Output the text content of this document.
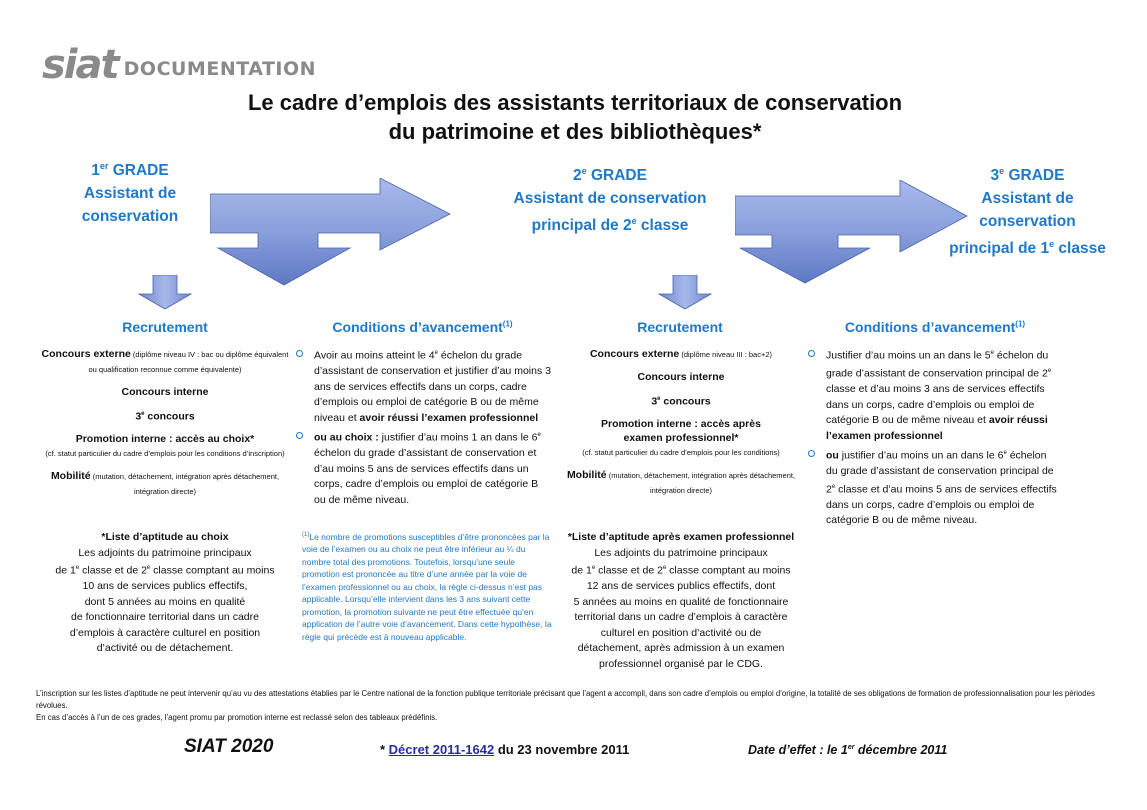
siat DOCUMENTATION
Le cadre d’emplois des assistants territoriaux de conservation
du patrimoine et des bibliothèques*
1er GRADE
Assistant de
conservation
2e GRADE
Assistant de conservation
principal de 2e classe
3e GRADE
Assistant de
conservation
principal de 1e classe
Recrutement

Concours externe (diplôme niveau IV : bac ou diplôme équivalent ou qualification reconnue comme équivalente)

Concours interne

3e concours

Promotion interne : accès au choix*
(cf. statut particulier du cadre d’emplois pour les conditions d’inscription)

Mobilité (mutation, détachement, intégration après détachement, intégration directe)

*Liste d’aptitude au choix
Les adjoints du patrimoine principaux
de 1e classe et de 2e classe comptant au moins
10 ans de services publics effectifs,
dont 5 années au moins en qualité
de fonctionnaire territorial dans un cadre
d’emplois à caractère culturel en position
d’activité ou de détachement.
Conditions d’avancement$^{(1)}$
Avoir au moins atteint le 4e échelon du grade d’assistant de conservation et justifier d’au moins 3 ans de services effectifs dans un corps, cadre d’emplois ou emploi de catégorie B ou de même niveau et avoir réussi l’examen professionnel
ou au choix : justifier d’au moins 1 an dans le 6e échelon du grade d’assistant de conservation et d’au moins 5 ans de services effectifs dans un corps, cadre d’emplois ou emploi de catégorie B ou de même niveau.
$^{(1)}$Le nombre de promotions susceptibles d’être prononcées par la voie de l’examen ou au choix ne peut être inférieur au ¼ du nombre total des promotions. Toutefois, lorsqu’une seule promotion est prononcée au titre d’une année par la voie de l’examen professionnel ou au choix, la règle ci-dessus n’est pas applicable. Lorsqu’elle intervient dans les 3 ans suivant cette promotion, la promotion suivante ne peut être effectuée qu’en application de l’autre voie d’avancement. Dans cette hypothèse, la règle qui précède est à nouveau applicable.
Recrutement

Concours externe (diplôme niveau III : bac+2)

Concours interne

3e concours

Promotion interne : accès après
examen professionnel*
(cf. statut particulier du cadre d’emplois pour les conditions)

Mobilité (mutation, détachement, intégration après détachement, intégration directe)

*Liste d’aptitude après examen professionnel
Les adjoints du patrimoine principaux
de 1e classe et de 2e classe comptant au moins
12 ans de services publics effectifs, dont
5 années au moins en qualité de fonctionnaire
territorial dans un cadre d’emplois à caractère
culturel en position d’activité ou de
détachement, après admission à un examen
professionnel organisé par le CDG.
Conditions d’avancement$^{(1)}$
Justifier d’au moins un an dans le 5e échelon du grade d’assistant de conservation principal de 2e classe et d’au moins 3 ans de services effectifs dans un corps, cadre d’emplois ou emploi de catégorie B ou de même niveau et avoir réussi l’examen professionnel
ou justifier d’au moins un an dans le 6e échelon du grade d’assistant de conservation principal de 2e classe et d’au moins 5 ans de services effectifs dans un corps, cadre d’emplois ou emploi de catégorie B ou de même niveau.
L’inscription sur les listes d’aptitude ne peut intervenir qu’au vu des attestations établies par le Centre national de la fonction publique territoriale précisant que l’agent a accompli, dans son cadre d’emplois ou emploi d’origine, la totalité de ses obligations de formation de professionnalisation pour les périodes révolues.
En cas d’accès à l’un de ces grades, l’agent promu par promotion interne est reclassé selon des tableaux prédéfinis.
SIAT 2020	* Décret 2011-1642 du 23 novembre 2011	Date d’effet : le 1er décembre 2011
